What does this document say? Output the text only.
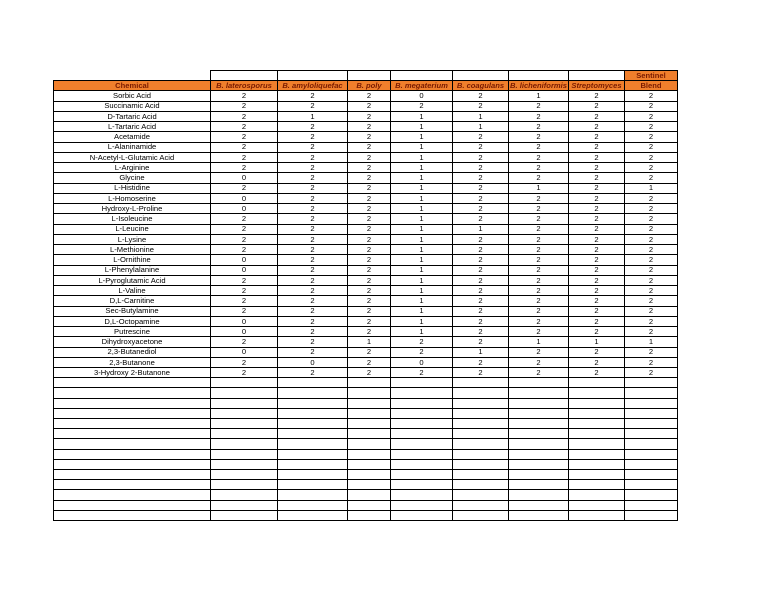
								Sentinel
Chemical	B. laterosporus	B. amyloliquefac	B. poly	B. megaterium	B. coagulans	B. licheniformis	Streptomyces	Blend
Sorbic Acid	2	2	2	0	2	1	2	2
Succinamic Acid	2	2	2	2	2	2	2	2
D-Tartaric Acid	2	1	2	1	1	2	2	2
L-Tartaric Acid	2	2	2	1	1	2	2	2
Acetamide	2	2	2	1	2	2	2	2
L-Alaninamide	2	2	2	1	2	2	2	2
N-Acetyl-L-Glutamic Acid	2	2	2	1	2	2	2	2
L-Arginine	2	2	2	1	2	2	2	2
Glycine	0	2	2	1	2	2	2	2
L-Histidine	2	2	2	1	2	1	2	1
L-Homoserine	0	2	2	1	2	2	2	2
Hydroxy-L-Proline	0	2	2	1	2	2	2	2
L-Isoleucine	2	2	2	1	2	2	2	2
L-Leucine	2	2	2	1	1	2	2	2
L-Lysine	2	2	2	1	2	2	2	2
L-Methionine	2	2	2	1	2	2	2	2
L-Ornithine	0	2	2	1	2	2	2	2
L-Phenylalanine	0	2	2	1	2	2	2	2
L-Pyroglutamic Acid	2	2	2	1	2	2	2	2
L-Valine	2	2	2	1	2	2	2	2
D,L-Carnitine	2	2	2	1	2	2	2	2
Sec-Butylamine	2	2	2	1	2	2	2	2
D,L-Octopamine	0	2	2	1	2	2	2	2
Putrescine	0	2	2	1	2	2	2	2
Dihydroxyacetone	2	2	1	2	2	1	1	1
2,3-Butanediol	0	2	2	2	1	2	2	2
2,3-Butanone	2	0	2	0	2	2	2	2
3-Hydroxy 2-Butanone	2	2	2	2	2	2	2	2
